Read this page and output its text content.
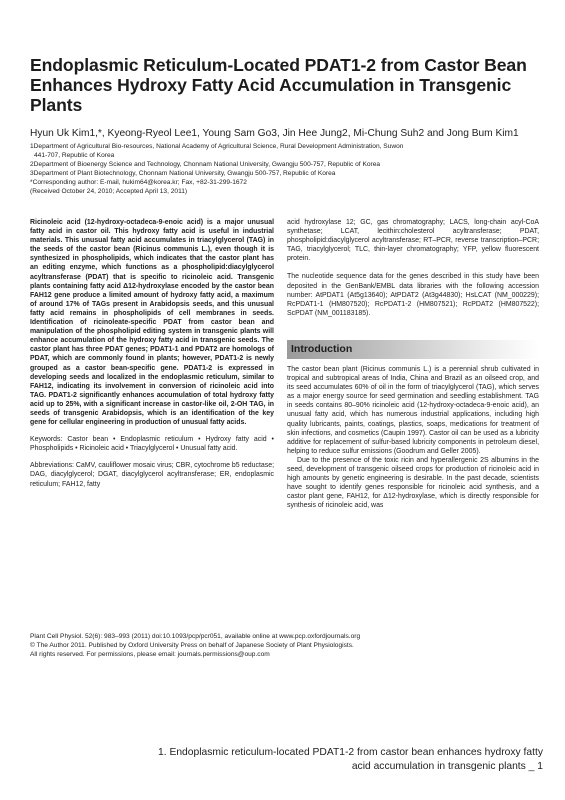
Endoplasmic Reticulum-Located PDAT1-2 from Castor Bean Enhances Hydroxy Fatty Acid Accumulation in Transgenic Plants
Hyun Uk Kim1,*, Kyeong-Ryeol Lee1, Young Sam Go3, Jin Hee Jung2, Mi-Chung Suh2 and Jong Bum Kim1
1Department of Agricultural Bio-resources, National Academy of Agricultural Science, Rural Development Administration, Suwon
441-707, Republic of Korea
2Department of Bioenergy Science and Technology, Chonnam National University, Gwangju 500-757, Republic of Korea
3Department of Plant Biotechnology, Chonnam National University, Gwangju 500-757, Republic of Korea
*Corresponding author: E-mail, hukim64@korea.kr; Fax, +82-31-299-1672
(Received October 24, 2010; Accepted April 13, 2011)

Ricinoleic acid (12-hydroxy-octadeca-9-enoic acid) is a major unusual fatty acid in castor oil. This hydroxy fatty acid is useful in industrial materials. This unusual fatty acid accumulates in triacylglycerol (TAG) in the seeds of the castor bean (Ricinus communis L.), even though it is synthesized in phospholipids, which indicates that the castor plant has an editing enzyme, which functions as a phospholipid:diacylglycerol acyltransferase (PDAT) that is specific to ricinoleic acid. Transgenic plants containing fatty acid Δ12-hydroxylase encoded by the castor bean FAH12 gene produce a limited amount of hydroxy fatty acid, a maximum of around 17% of TAGs present in Arabidopsis seeds, and this unusual fatty acid remains in phospholipids of cell membranes in seeds. Identification of ricinoleate-specific PDAT from castor bean and manipulation of the phospholipid editing system in transgenic plants will enhance accumulation of the hydroxy fatty acid in transgenic seeds. The castor plant has three PDAT genes; PDAT1-1 and PDAT2 are homologs of PDAT, which are commonly found in plants; however, PDAT1-2 is newly grouped as a castor bean-specific gene. PDAT1-2 is expressed in developing seeds and localized in the endoplasmic reticulum, similar to FAH12, indicating its involvement in conversion of ricinoleic acid into TAG. PDAT1-2 significantly enhances accumulation of total hydroxy fatty acid up to 25%, with a significant increase in castor-like oil, 2-OH TAG, in seeds of transgenic Arabidopsis, which is an identification of the key gene for cellular engineering in production of unusual fatty acids.

Keywords: Castor bean • Endoplasmic reticulum • Hydroxy fatty acid • Phospholipids • Ricinoleic acid • Triacylglycerol • Unusual fatty acid.

Abbreviations: CaMV, cauliflower mosaic virus; CBR, cytochrome b5 reductase; DAG, diacylglycerol; DGAT, diacylglycerol acyltransferase; ER, endoplasmic reticulum; FAH12, fatty

acid hydroxylase 12; GC, gas chromatography; LACS, long-chain acyl-CoA synthetase; LCAT, lecithin:cholesterol acyltransferase; PDAT, phospholipid:diacylglycerol acyltransferase; RT–PCR, reverse transcription–PCR; TAG, triacylglycerol; TLC, thin-layer chromatography; YFP, yellow fluorescent protein.

The nucleotide sequence data for the genes described in this study have been deposited in the GenBank/EMBL data libraries with the following accession number: AtPDAT1 (At5g13640); AtPDAT2 (At3g44830); HsLCAT (NM_000229); RcPDAT1-1 (HM807520); RcPDAT1-2 (HM807521); RcPDAT2 (HM807522); ScPDAT (NM_001183185).

Introduction

The castor bean plant (Ricinus communis L.) is a perennial shrub cultivated in tropical and subtropical areas of India, China and Brazil as an oilseed crop, and its seed accumulates 60% of oil in the form of triacylglycerol (TAG), which serves as a major energy source for seed germination and seedling establishment. TAG in seeds contains 80–90% ricinoleic acid (12-hydroxy-octadeca-9-enoic acid), an unusual fatty acid, which has numerous industrial applications, including high quality lubricants, paints, coatings, plastics, soaps, medications for treatment of skin infections, and cosmetics (Caupin 1997). Castor oil can be used as a lubricity additive for replacement of sulfur-based lubricity components in petroleum diesel, helping to reduce sulfur emissions (Goodrum and Geller 2005).

Due to the presence of the toxic ricin and hyperallergenic 2S albumins in the seed, development of transgenic oilseed crops for production of ricinoleic acid in high amounts by genetic engineering is desirable. In the past decade, scientists have sought to identify genes responsible for ricinoleic acid synthesis, and a castor plant gene, FAH12, for Δ12-hydroxylase, which is directly responsible for synthesis of ricinoleic acid, was

Plant Cell Physiol. 52(6): 983–993 (2011) doi:10.1093/pcp/pcr051, available online at www.pcp.oxfordjournals.org
© The Author 2011. Published by Oxford University Press on behalf of Japanese Society of Plant Physiologists.
All rights reserved. For permissions, please email: journals.permissions@oup.com
1. Endoplasmic reticulum-located PDAT1-2 from castor bean enhances hydroxy fatty
acid accumulation in transgenic plants _ 1
